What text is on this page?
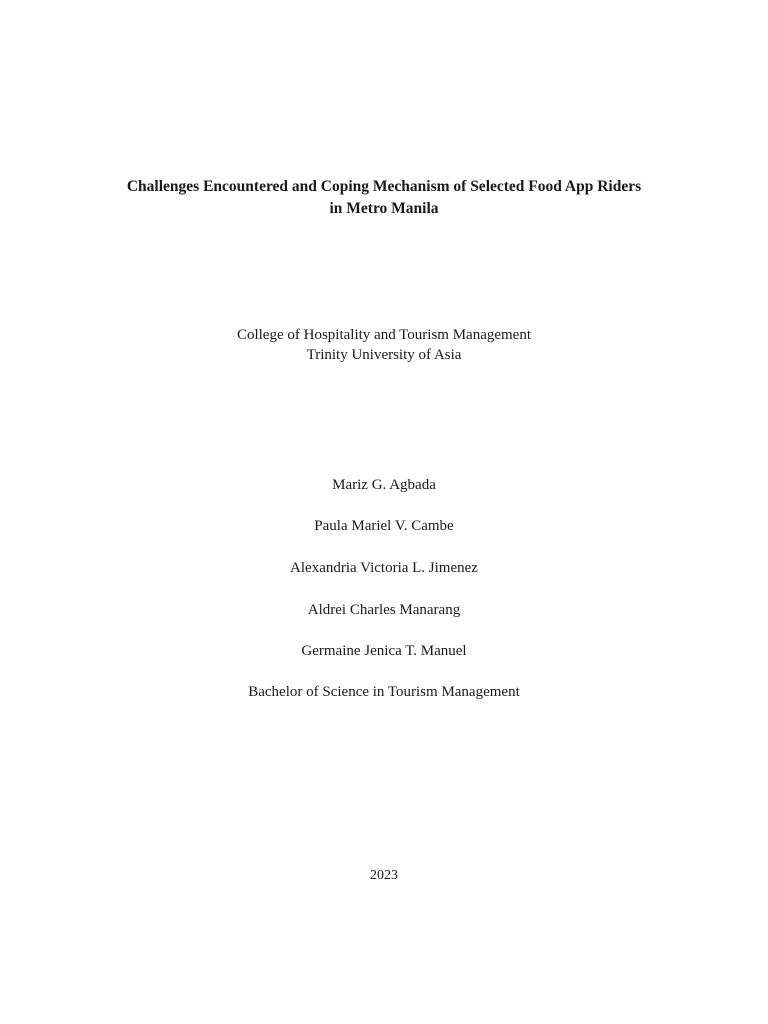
Challenges Encountered and Coping Mechanism of Selected Food App Riders
in Metro Manila
College of Hospitality and Tourism Management
Trinity University of Asia
Mariz G. Agbada
Paula Mariel V. Cambe
Alexandria Victoria L. Jimenez
Aldrei Charles Manarang
Germaine Jenica T. Manuel
Bachelor of Science in Tourism Management
2023
